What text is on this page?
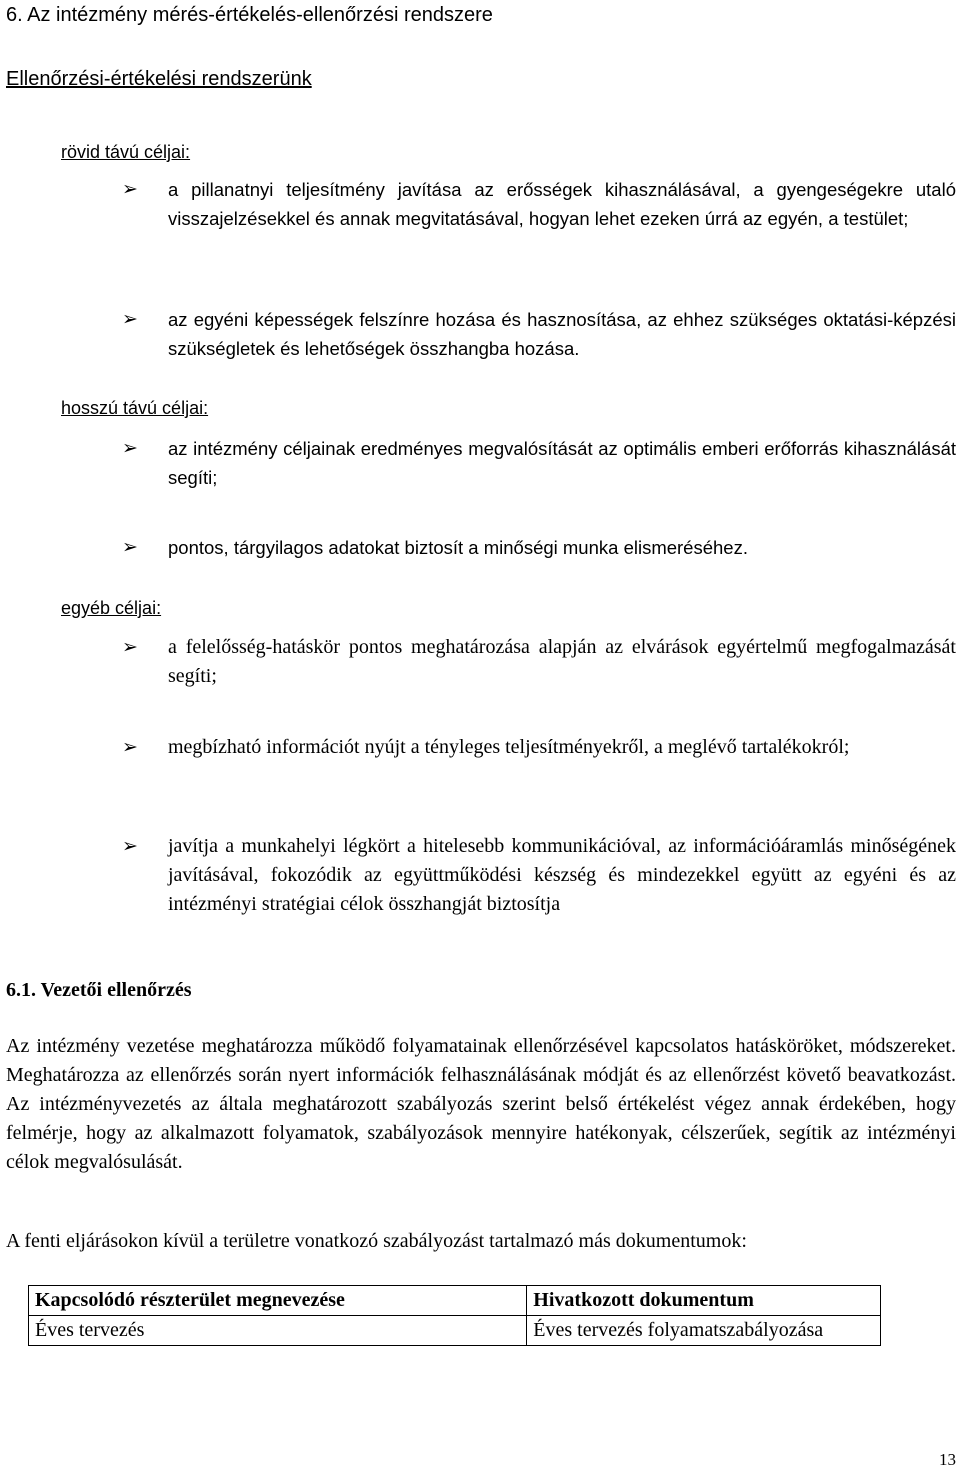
6. Az intézmény mérés-értékelés-ellenőrzési rendszere
Ellenőrzési-értékelési rendszerünk
rövid távú céljai:
➢	a pillanatnyi teljesítmény javítása az erősségek kihasználásával, a gyengeségekre utaló visszajelzésekkel és annak megvitatásával, hogyan lehet ezeken úrrá az egyén, a testület;
➢	az egyéni képességek felszínre hozása és hasznosítása, az ehhez szükséges oktatási-képzési szükségletek és lehetőségek összhangba hozása.
hosszú távú céljai:
➢	az intézmény céljainak eredményes megvalósítását az optimális emberi erőforrás kihasználását segíti;
➢	pontos, tárgyilagos adatokat biztosít a minőségi munka elismeréséhez.
egyéb céljai:
➢	a felelősség-hatáskör pontos meghatározása alapján az elvárások egyértelmű megfogalmazását segíti;
➢	megbízható információt nyújt a tényleges teljesítményekről, a meglévő tartalékokról;
➢	javítja a munkahelyi légkört a hitelesebb kommunikációval, az információáramlás minőségének javításával, fokozódik az együttműködési készség és mindezekkel együtt az egyéni és az intézményi stratégiai célok összhangját biztosítja
6.1. Vezetői ellenőrzés
Az intézmény vezetése meghatározza működő folyamatainak ellenőrzésével kapcsolatos hatásköröket, módszereket. Meghatározza az ellenőrzés során nyert információk felhasználásának módját és az ellenőrzést követő beavatkozást. Az intézményvezetés az általa meghatározott szabályozás szerint belső értékelést végez annak érdekében, hogy felmérje, hogy az alkalmazott folyamatok, szabályozások mennyire hatékonyak, célszerűek, segítik az intézményi célok megvalósulását.
A fenti eljárásokon kívül a területre vonatkozó szabályozást tartalmazó más dokumentumok:
Kapcsolódó részterület megnevezése	Hivatkozott dokumentum
Éves tervezés	Éves tervezés folyamatszabályozása
13
